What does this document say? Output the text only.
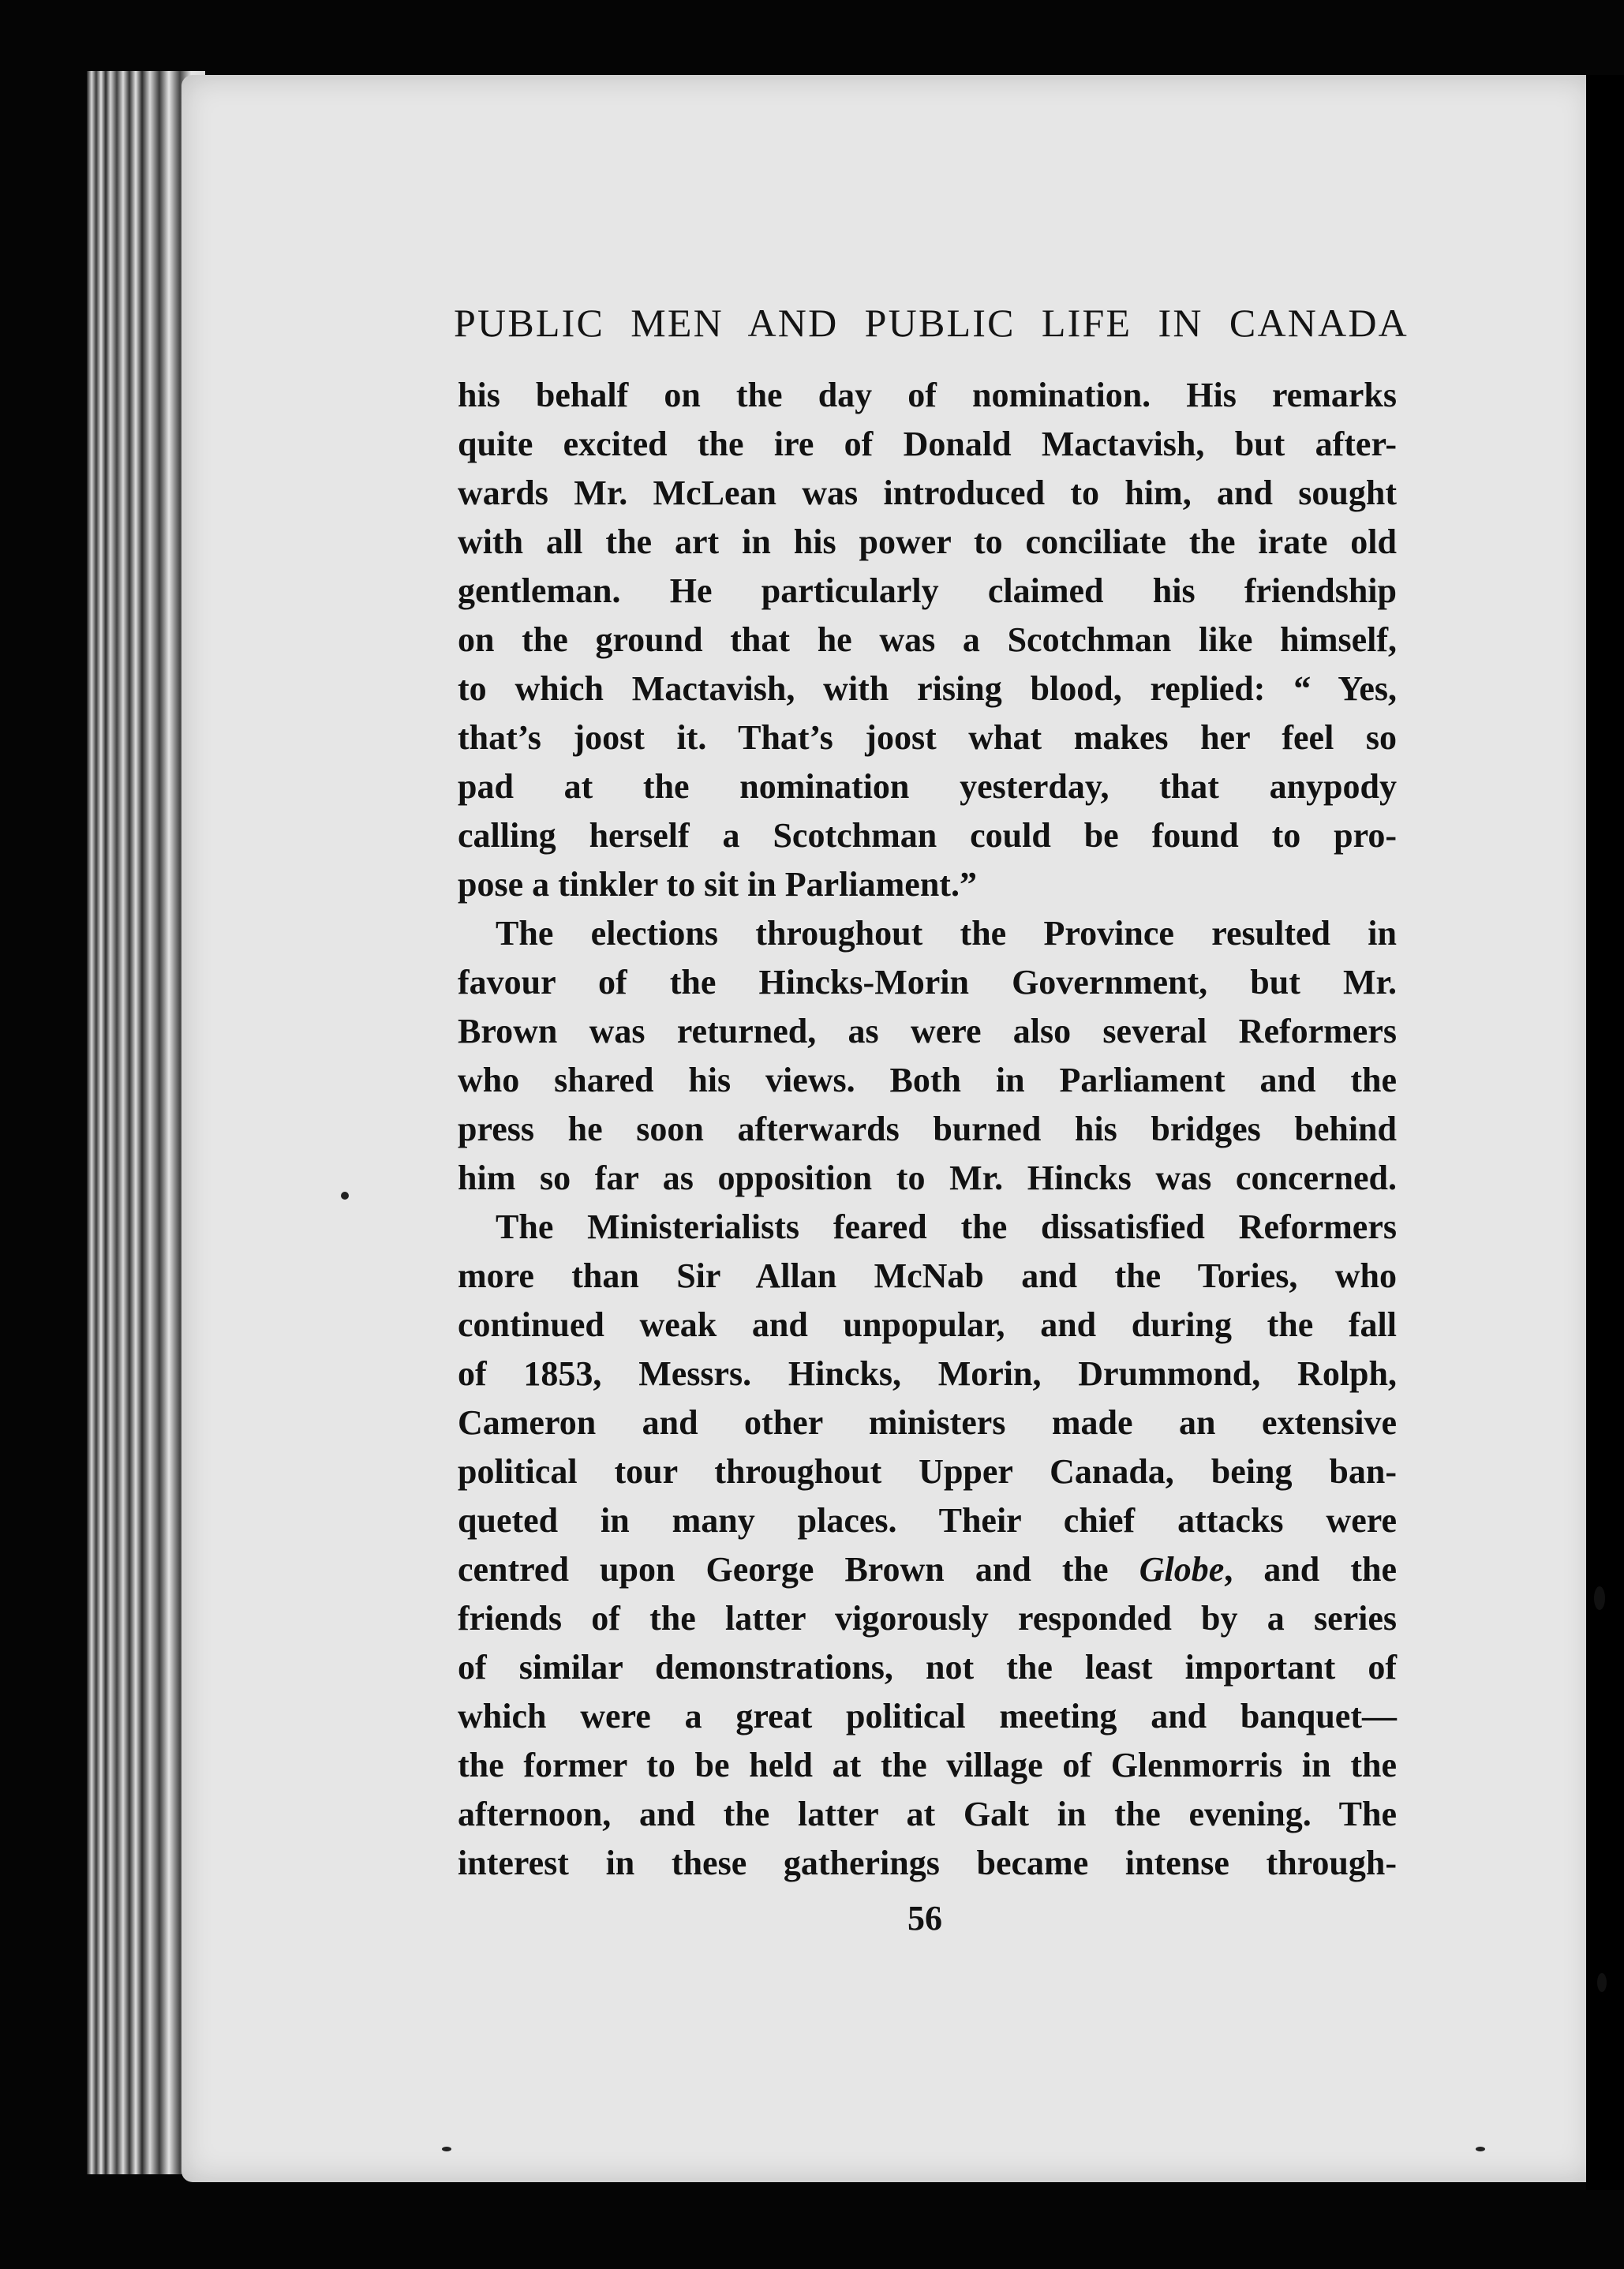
PUBLIC MEN AND PUBLIC LIFE IN CANADA
his behalf on the day of nomination. His remarks
quite excited the ire of Donald Mactavish, but after-
wards Mr. McLean was introduced to him, and sought
with all the art in his power to conciliate the irate old
gentleman. He particularly claimed his friendship
on the ground that he was a Scotchman like himself,
to which Mactavish, with rising blood, replied: “ Yes,
that’s joost it. That’s joost what makes her feel so
pad at the nomination yesterday, that anypody
calling herself a Scotchman could be found to pro-
pose a tinkler to sit in Parliament.”
The elections throughout the Province resulted in
favour of the Hincks-Morin Government, but Mr.
Brown was returned, as were also several Reformers
who shared his views. Both in Parliament and the
press he soon afterwards burned his bridges behind
him so far as opposition to Mr. Hincks was concerned.
The Ministerialists feared the dissatisfied Reformers
more than Sir Allan McNab and the Tories, who
continued weak and unpopular, and during the fall
of 1853, Messrs. Hincks, Morin, Drummond, Rolph,
Cameron and other ministers made an extensive
political tour throughout Upper Canada, being ban-
queted in many places. Their chief attacks were
centred upon George Brown and the Globe, and the
friends of the latter vigorously responded by a series
of similar demonstrations, not the least important of
which were a great political meeting and banquet—
the former to be held at the village of Glenmorris in the
afternoon, and the latter at Galt in the evening. The
interest in these gatherings became intense through-
56
